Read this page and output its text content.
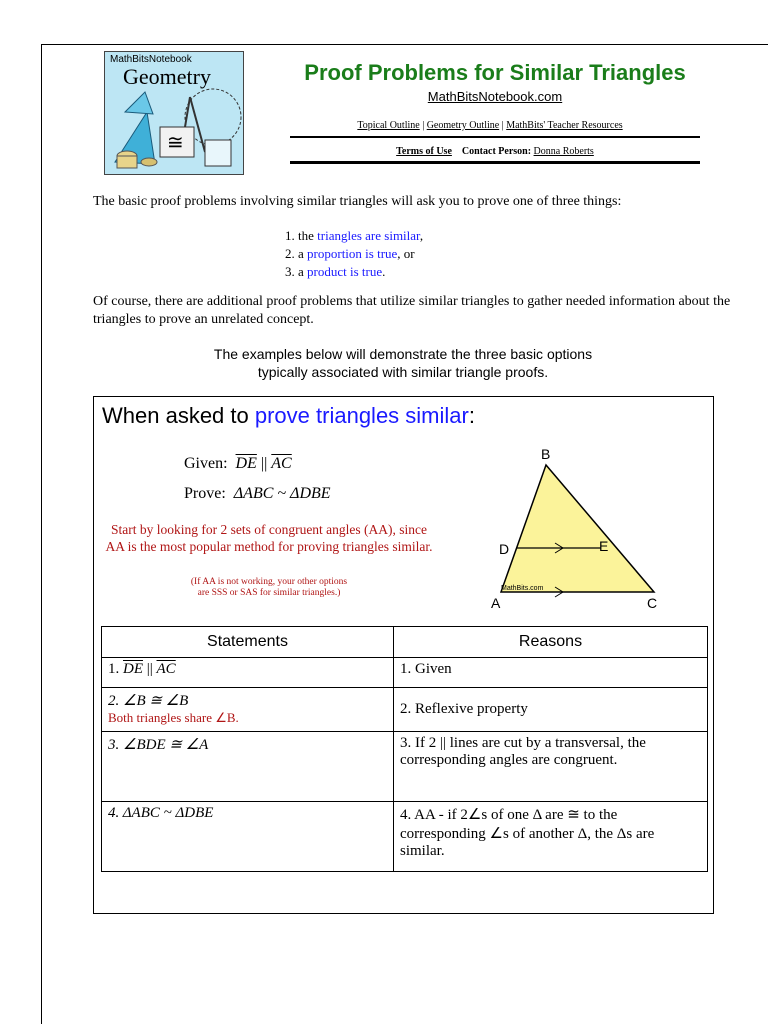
≅
MathBitsNotebook
Geometry	Proof Problems for Similar Triangles
MathBitsNotebook.com
Topical Outline | Geometry Outline | MathBits' Teacher Resources
Terms of Use Contact Person: Donna Roberts
The basic proof problems involving similar triangles will ask you to prove one of three things:
1. the triangles are similar,
2. a proportion is true, or
3. a product is true.
Of course, there are additional proof problems that utilize similar triangles to gather needed information about the triangles to prove an unrelated concept.
The examples below will demonstrate the three basic options
typically associated with similar triangle proofs.
When asked to prove triangles similar:
Given: $\overline{DE}$ || $\overline{AC}$
Prove: ΔABC ~ ΔDBE
Start by looking for 2 sets of congruent angles (AA), since AA is the most popular method for proving triangles similar.
(If AA is not working, your other options
are SSS or SAS for similar triangles.)
B
D	E
A	C
MathBits.com
Statements	Reasons
1. $\overline{DE}$ || $\overline{AC}$	1. Given

2. ∠B ≅ ∠B
Both triangles share ∠B.	2. Reflexive property
3. ∠BDE ≅ ∠A	3. If 2 || lines are cut by a transversal, the corresponding angles are congruent.
4. ΔABC ~ ΔDBE	4. AA - if 2∠s of one Δ are ≅ to the corresponding ∠s of another Δ, the Δs are similar.
